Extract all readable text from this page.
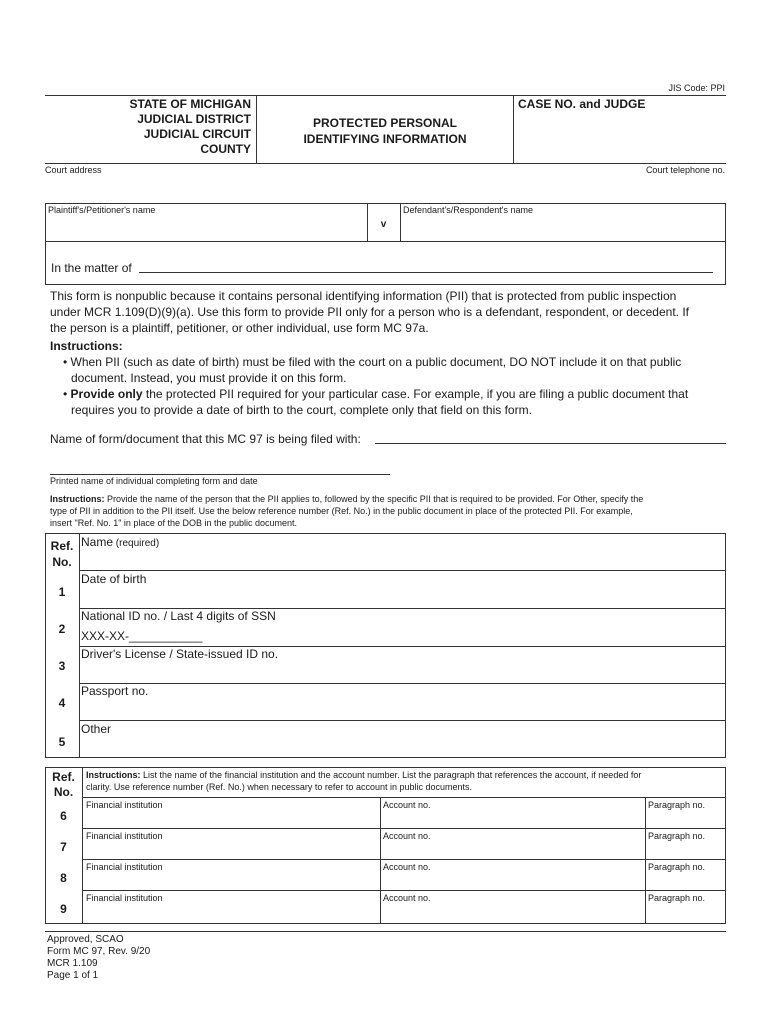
JIS Code: PPI
STATE OF MICHIGAN
JUDICIAL DISTRICT
JUDICIAL CIRCUIT
COUNTY
PROTECTED PERSONAL
IDENTIFYING INFORMATION
CASE NO. and JUDGE
Court address	Court telephone no.
Plaintiff's/Petitioner's name
v
Defendant's/Respondent's name
In the matter of
This form is nonpublic because it contains personal identifying information (PII) that is protected from public inspection
under MCR 1.109(D)(9)(a). Use this form to provide PII only for a person who is a defendant, respondent, or decedent. If
the person is a plaintiff, petitioner, or other individual, use form MC 97a.
Instructions:
• When PII (such as date of birth) must be filed with the court on a public document, DO NOT include it on that public
document. Instead, you must provide it on this form.
• Provide only the protected PII required for your particular case. For example, if you are filing a public document that
requires you to provide a date of birth to the court, complete only that field on this form.
Name of form/document that this MC 97 is being filed with:
Printed name of individual completing form and date
Instructions: Provide the name of the person that the PII applies to, followed by the specific PII that is required to be provided. For Other, specify the
type of PII in addition to the PII itself. Use the below reference number (Ref. No.) in the public document in place of the protected PII. For example,
insert "Ref. No. 1" in place of the DOB in the public document.
Ref.
No.
Name (required)
1
Date of birth
2
National ID no. / Last 4 digits of SSN
XXX-XX-___________
3
Driver's License / State-issued ID no.
4
Passport no.
5
Other
Ref.
No.
Instructions: List the name of the financial institution and the account number. List the paragraph that references the account, if needed for
clarity. Use reference number (Ref. No.) when necessary to refer to account in public documents.
6
Financial institution	Account no.	Paragraph no.
7
Financial institution	Account no.	Paragraph no.
8
Financial institution	Account no.	Paragraph no.
9
Financial institution	Account no.	Paragraph no.
Approved, SCAO
Form MC 97, Rev. 9/20
MCR 1.109
Page 1 of 1
